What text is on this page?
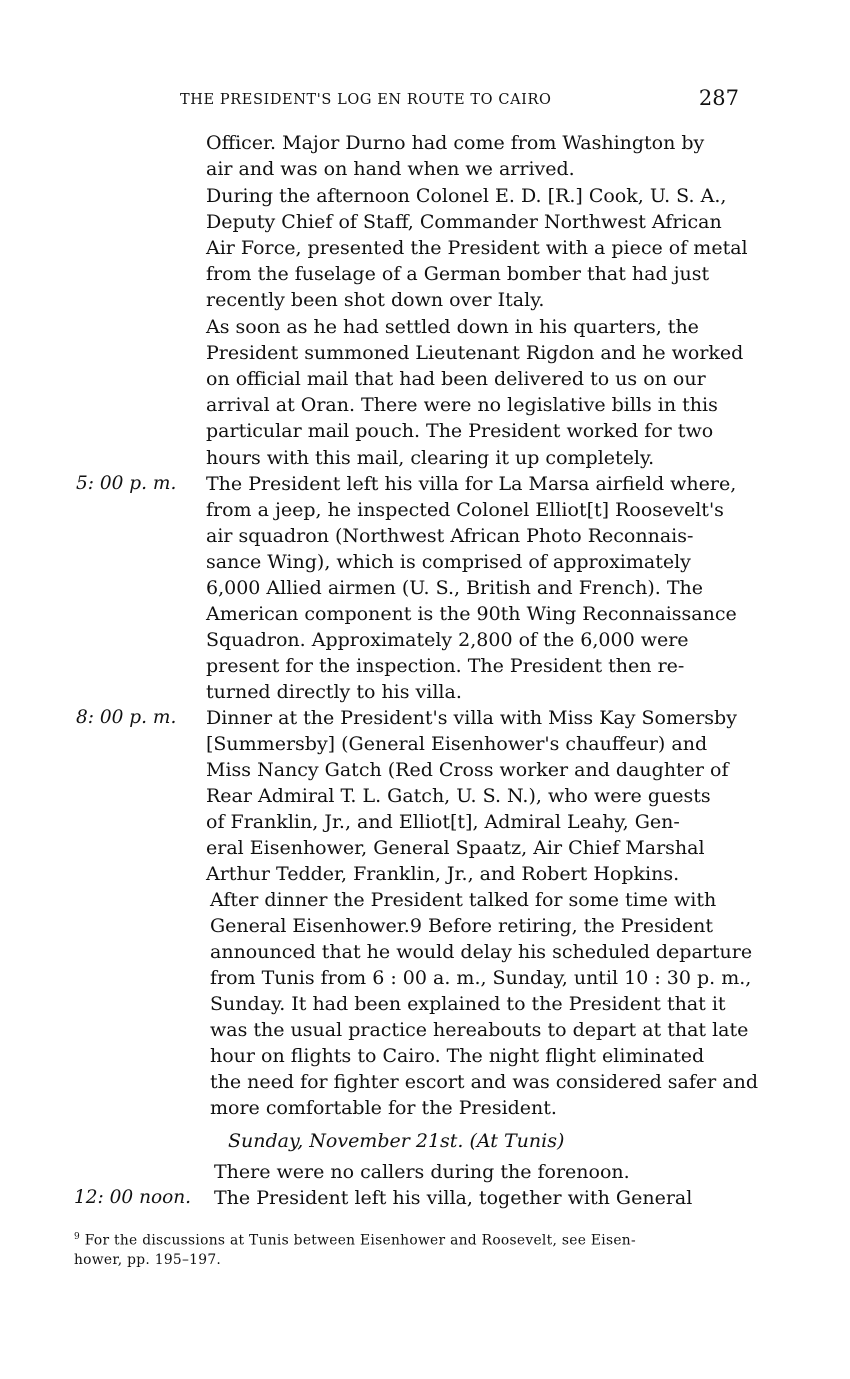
THE PRESIDENT'S LOG EN ROUTE TO CAIRO	287
Officer. Major Durno had come from Washington by
air and was on hand when we arrived.
During the afternoon Colonel E. D. [R.] Cook, U. S. A.,
Deputy Chief of Staff, Commander Northwest African
Air Force, presented the President with a piece of metal
from the fuselage of a German bomber that had just
recently been shot down over Italy.
As soon as he had settled down in his quarters, the
President summoned Lieutenant Rigdon and he worked
on official mail that had been delivered to us on our
arrival at Oran. There were no legislative bills in this
particular mail pouch. The President worked for two
hours with this mail, clearing it up completely.
5: 00 p. m. The President left his villa for La Marsa airfield where,
from a jeep, he inspected Colonel Elliot[t] Roosevelt's
air squadron (Northwest African Photo Reconnais-
sance Wing), which is comprised of approximately
6,000 Allied airmen (U. S., British and French). The
American component is the 90th Wing Reconnaissance
Squadron. Approximately 2,800 of the 6,000 were
present for the inspection. The President then re-
turned directly to his villa.
8: 00 p. m. Dinner at the President's villa with Miss Kay Somersby
[Summersby] (General Eisenhower's chauffeur) and
Miss Nancy Gatch (Red Cross worker and daughter of
Rear Admiral T. L. Gatch, U. S. N.), who were guests
of Franklin, Jr., and Elliot[t], Admiral Leahy, Gen-
eral Eisenhower, General Spaatz, Air Chief Marshal
Arthur Tedder, Franklin, Jr., and Robert Hopkins.
After dinner the President talked for some time with
General Eisenhower.9 Before retiring, the President
announced that he would delay his scheduled departure
from Tunis from 6 : 00 a. m., Sunday, until 10 : 30 p. m.,
Sunday. It had been explained to the President that it
was the usual practice hereabouts to depart at that late
hour on flights to Cairo. The night flight eliminated
the need for fighter escort and was considered safer and
more comfortable for the President.
Sunday, November 21st. (At Tunis)
There were no callers during the forenoon.
12: 00 noon. The President left his villa, together with General
$^9$ For the discussions at Tunis between Eisenhower and Roosevelt, see Eisen-
hower, pp. 195–197.
